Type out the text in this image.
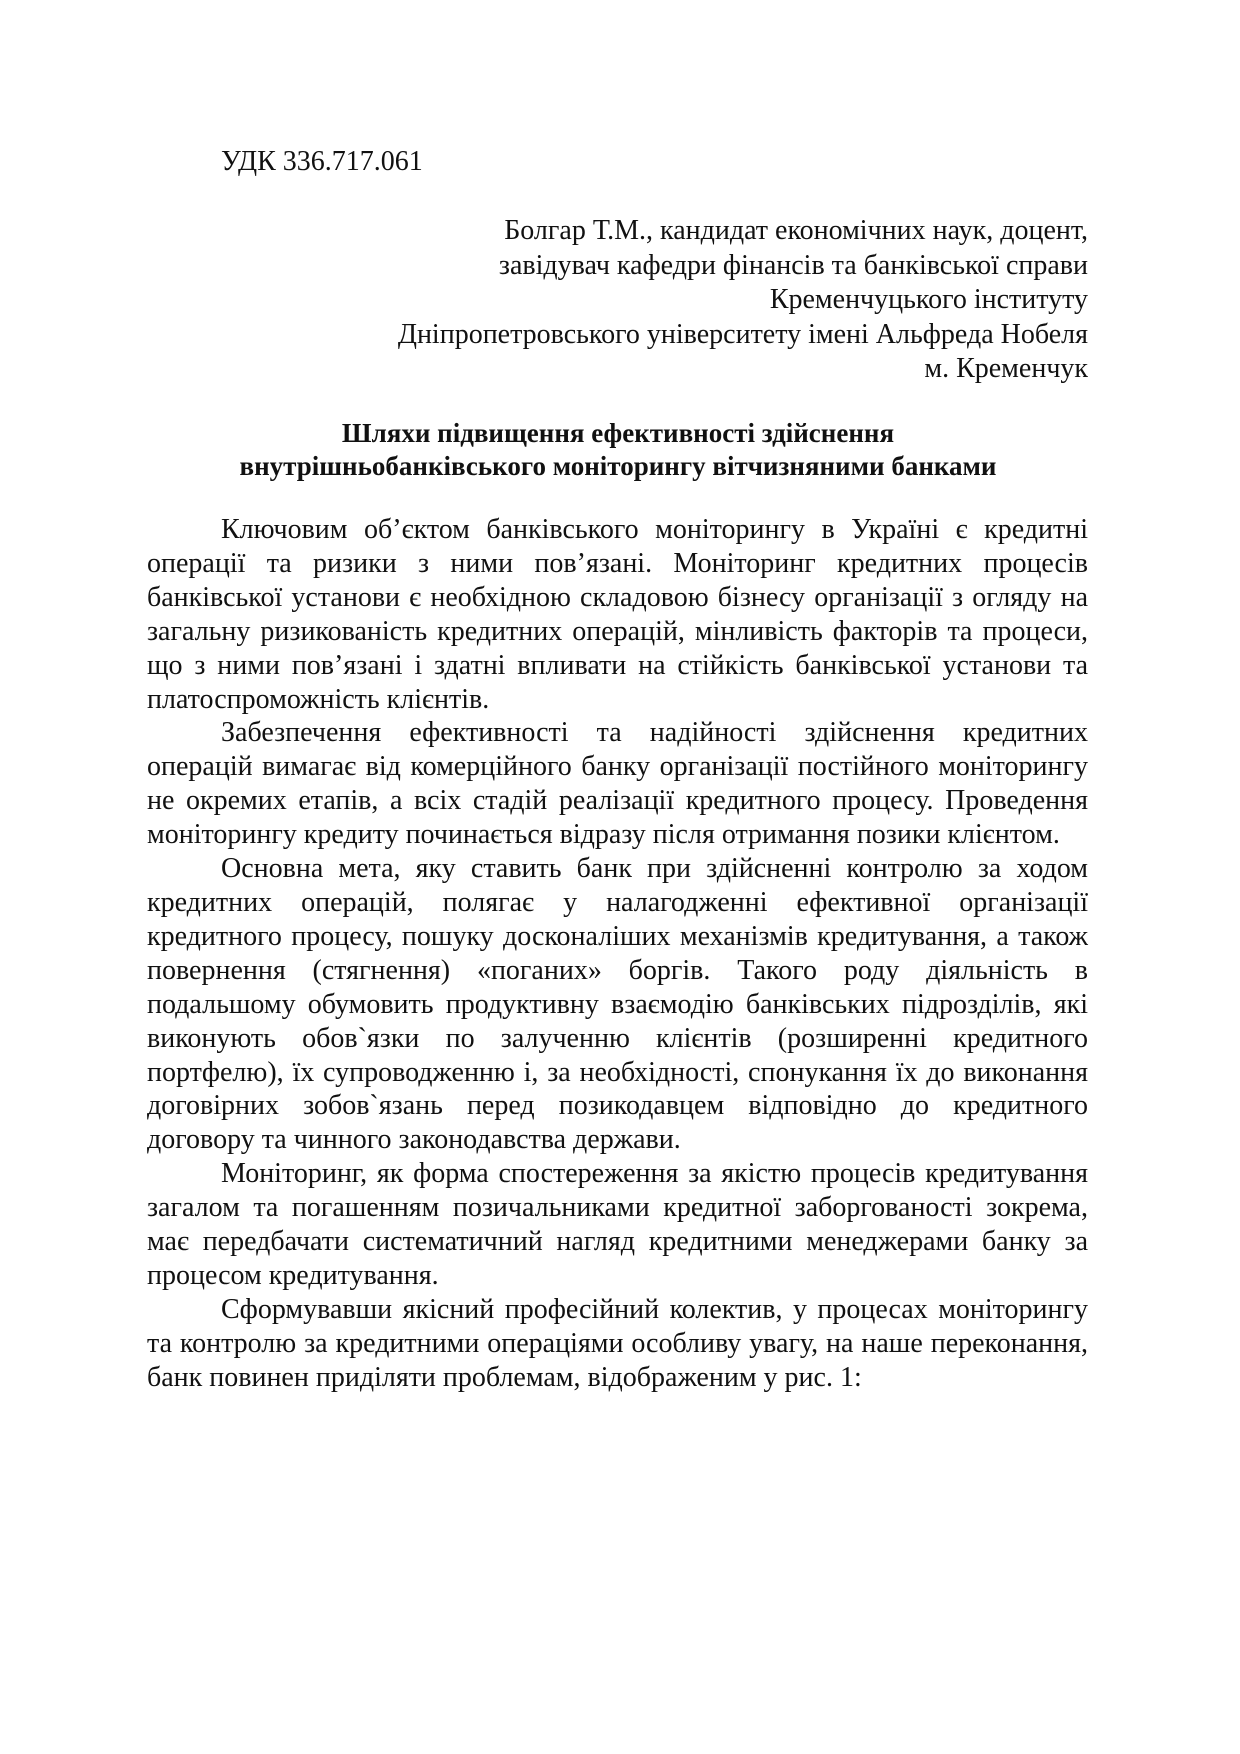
УДК 336.717.061
Болгар Т.М., кандидат економічних наук, доцент,
завідувач кафедри фінансів та банківської справи
Кременчуцького інституту
Дніпропетровського університету імені Альфреда Нобеля
м. Кременчук
Шляхи підвищення ефективності здійснення
внутрішньобанківського моніторингу вітчизняними банками

Ключовим об’єктом банківського моніторингу в Україні є кредитні операції та ризики з ними пов’язані. Моніторинг кредитних процесів банківської установи є необхідною складовою бізнесу організації з огляду на загальну ризикованість кредитних операцій, мінливість факторів та процеси, що з ними пов’язані і здатні впливати на стійкість банківської установи та платоспроможність клієнтів.

Забезпечення ефективності та надійності здійснення кредитних операцій вимагає від комерційного банку організації постійного моніторингу не окремих етапів, а всіх стадій реалізації кредитного процесу. Проведення моніторингу кредиту починається відразу після отримання позики клієнтом.

Основна мета, яку ставить банк при здійсненні контролю за ходом кредитних операцій, полягає у налагодженні ефективної організації кредитного процесу, пошуку досконаліших механізмів кредитування, а також повернення (стягнення) «поганих» боргів. Такого роду діяльність в подальшому обумовить продуктивну взаємодію банківських підрозділів, які виконують обов`язки по залученню клієнтів (розширенні кредитного портфелю), їх супроводженню і, за необхідності, спонукання їх до виконання договірних зобов`язань перед позикодавцем відповідно до кредитного договору та чинного законодавства держави.

Моніторинг, як форма спостереження за якістю процесів кредитування загалом та погашенням позичальниками кредитної заборгованості зокрема, має передбачати систематичний нагляд кредитними менеджерами банку за процесом кредитування.

Сформувавши якісний професійний колектив, у процесах моніторингу та контролю за кредитними операціями особливу увагу, на наше переконання, банк повинен приділяти проблемам, відображеним у рис. 1:
